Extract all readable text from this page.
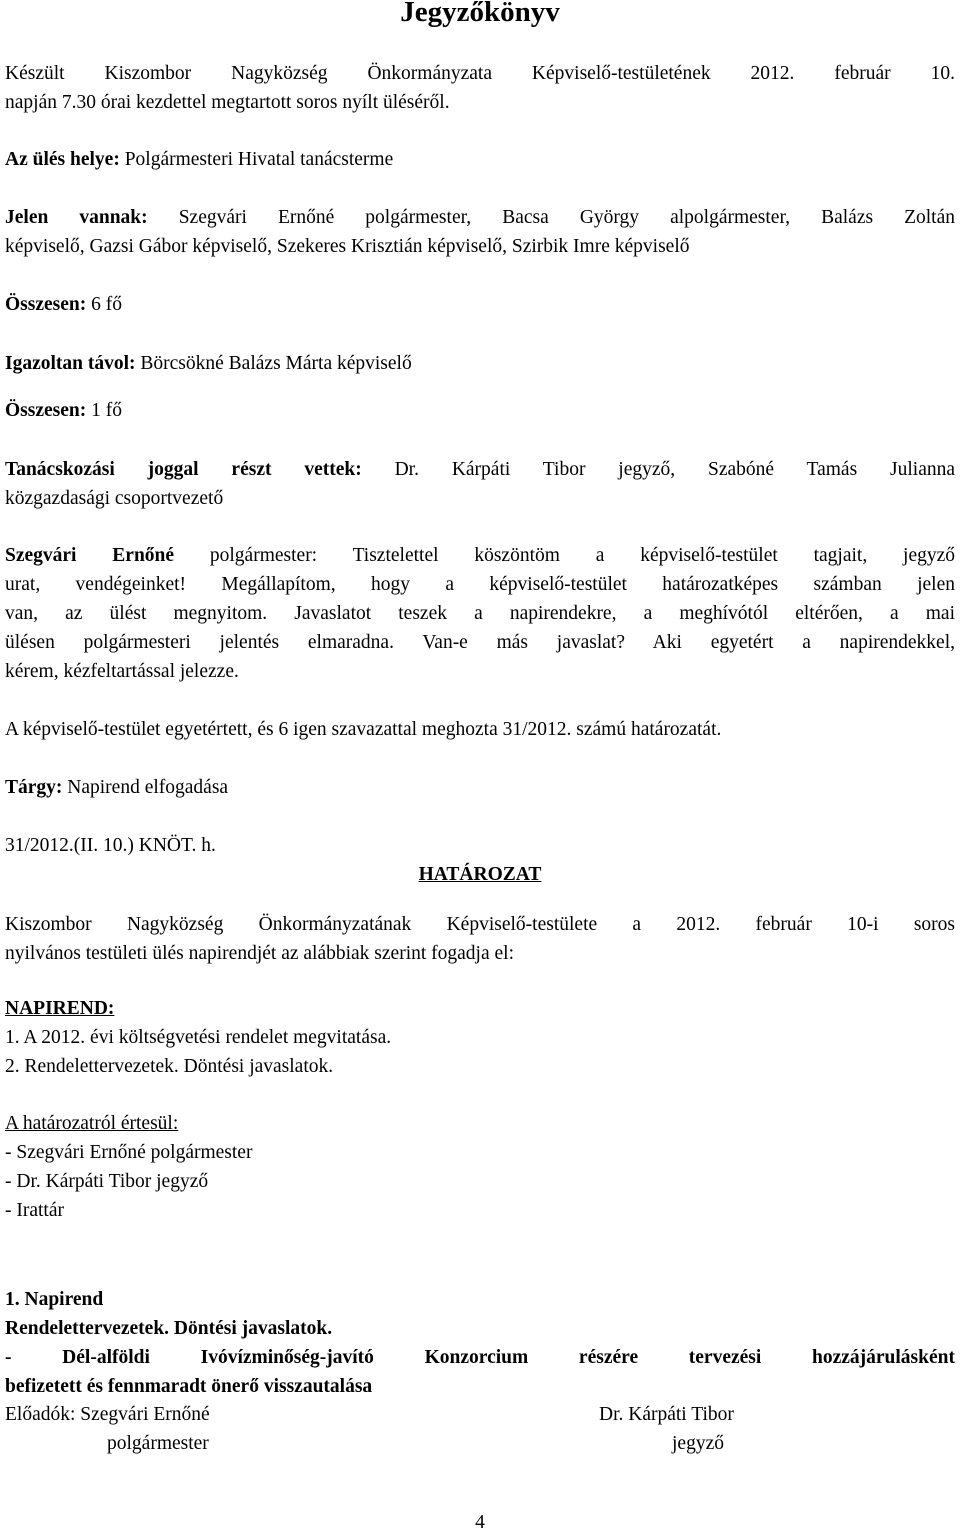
Jegyzőkönyv
Készült Kiszombor Nagyközség Önkormányzata Képviselő-testületének 2012. február 10.
napján 7.30 órai kezdettel megtartott soros nyílt üléséről.
Az ülés helye: Polgármesteri Hivatal tanácsterme
Jelen vannak: Szegvári Ernőné polgármester, Bacsa György alpolgármester, Balázs Zoltán
képviselő, Gazsi Gábor képviselő, Szekeres Krisztián képviselő, Szirbik Imre képviselő
Összesen: 6 fő
Igazoltan távol: Börcsökné Balázs Márta képviselő
Összesen: 1 fő
Tanácskozási joggal részt vettek: Dr. Kárpáti Tibor jegyző, Szabóné Tamás Julianna
közgazdasági csoportvezető
Szegvári Ernőné polgármester: Tisztelettel köszöntöm a képviselő-testület tagjait, jegyző
urat, vendégeinket! Megállapítom, hogy a képviselő-testület határozatképes számban jelen
van, az ülést megnyitom. Javaslatot teszek a napirendekre, a meghívótól eltérően, a mai
ülésen polgármesteri jelentés elmaradna. Van-e más javaslat? Aki egyetért a napirendekkel,
kérem, kézfeltartással jelezze.
A képviselő-testület egyetértett, és 6 igen szavazattal meghozta 31/2012. számú határozatát.
Tárgy: Napirend elfogadása
31/2012.(II. 10.) KNÖT. h.
HATÁROZAT
Kiszombor Nagyközség Önkormányzatának Képviselő-testülete a 2012. február 10-i soros
nyilvános testületi ülés napirendjét az alábbiak szerint fogadja el:
NAPIREND:
1. A 2012. évi költségvetési rendelet megvitatása.
2. Rendelettervezetek. Döntési javaslatok.
A határozatról értesül:
- Szegvári Ernőné polgármester
- Dr. Kárpáti Tibor jegyző
- Irattár
1. Napirend
Rendelettervezetek. Döntési javaslatok.
- Dél-alföldi Ivóvízminőség-javító Konzorcium részére tervezési hozzájárulásként
befizetett és fennmaradt önerő visszautalása
Előadók: Szegvári Ernőné	Dr. Kárpáti Tibor
polgármester	jegyző
4
